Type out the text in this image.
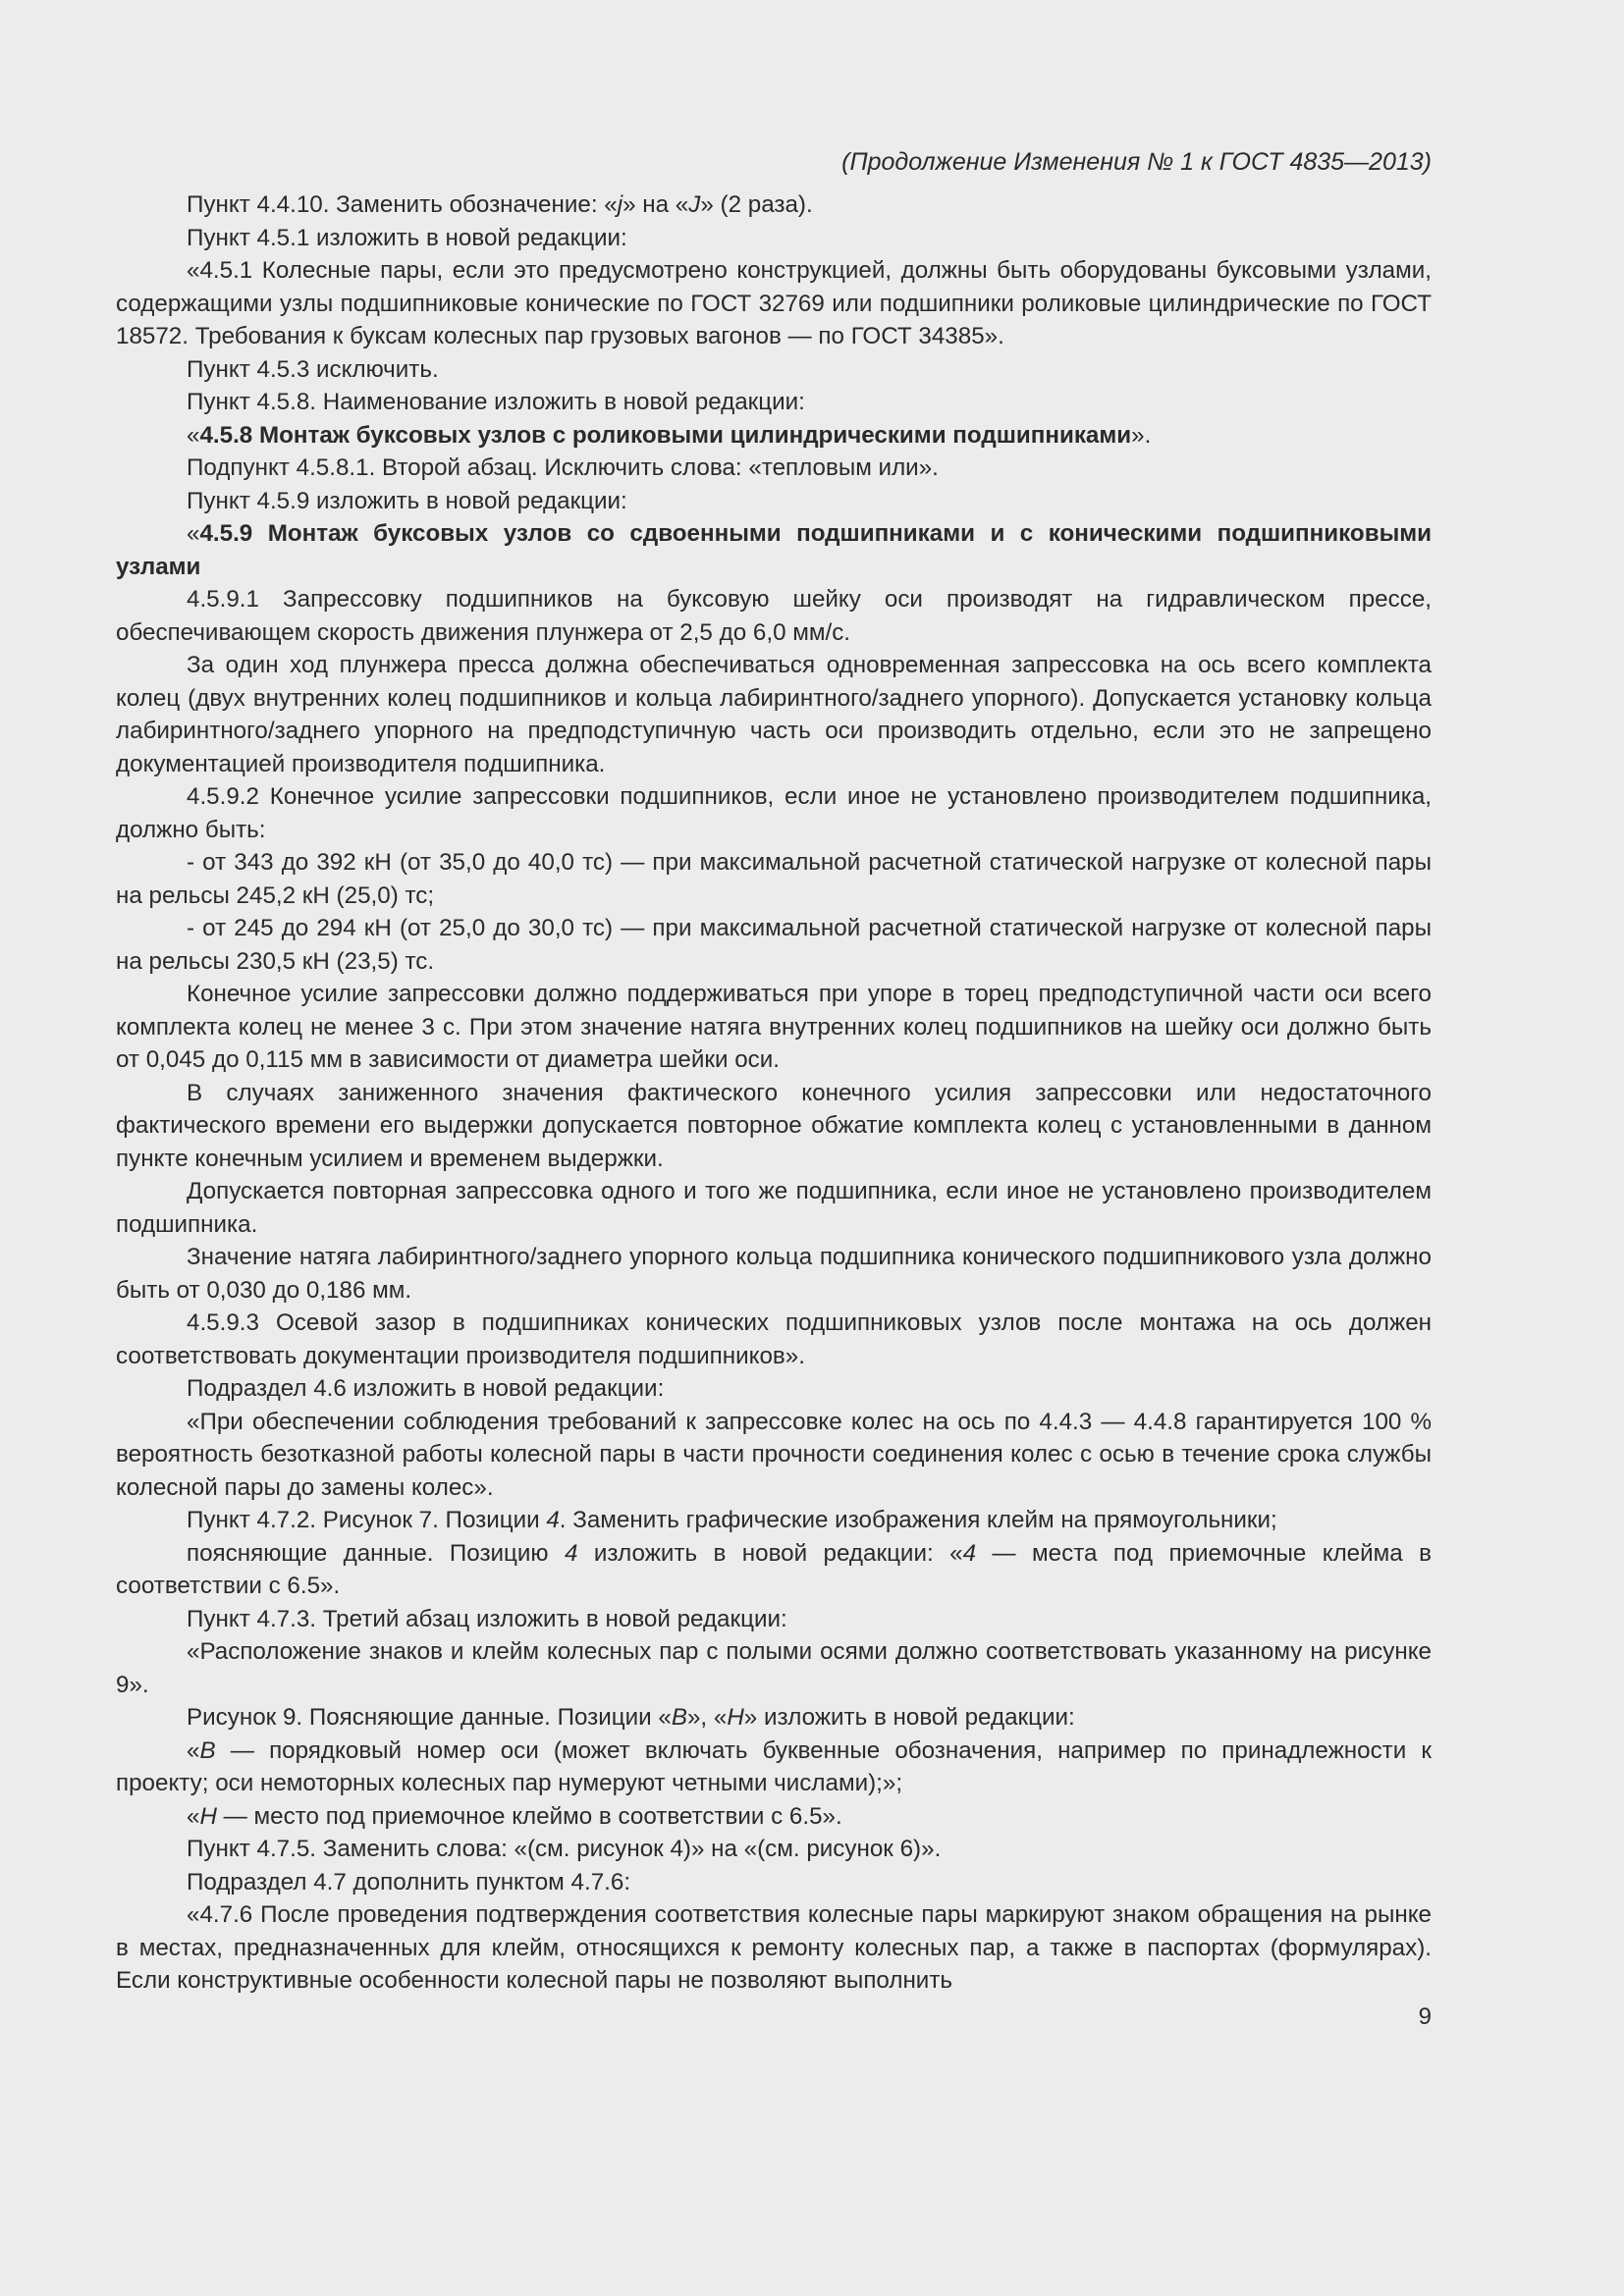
(Продолжение Изменения № 1 к ГОСТ 4835—2013)

Пункт 4.4.10. Заменить обозначение: «j» на «J» (2 раза).

Пункт 4.5.1 изложить в новой редакции:

«4.5.1 Колесные пары, если это предусмотрено конструкцией, должны быть оборудованы буксовыми узлами, содержащими узлы подшипниковые конические по ГОСТ 32769 или подшипники роликовые цилиндрические по ГОСТ 18572. Требования к буксам колесных пар грузовых вагонов — по ГОСТ 34385».

Пункт 4.5.3 исключить.

Пункт 4.5.8. Наименование изложить в новой редакции:

«4.5.8 Монтаж буксовых узлов с роликовыми цилиндрическими подшипниками».

Подпункт 4.5.8.1. Второй абзац. Исключить слова: «тепловым или».

Пункт 4.5.9 изложить в новой редакции:

«4.5.9 Монтаж буксовых узлов со сдвоенными подшипниками и с коническими подшипниковыми узлами

4.5.9.1 Запрессовку подшипников на буксовую шейку оси производят на гидравлическом прессе, обеспечивающем скорость движения плунжера от 2,5 до 6,0 мм/с.

За один ход плунжера пресса должна обеспечиваться одновременная запрессовка на ось всего комплекта колец (двух внутренних колец подшипников и кольца лабиринтного/заднего упорного). Допускается установку кольца лабиринтного/заднего упорного на предподступичную часть оси производить отдельно, если это не запрещено документацией производителя подшипника.

4.5.9.2 Конечное усилие запрессовки подшипников, если иное не установлено производителем подшипника, должно быть:

- от 343 до 392 кН (от 35,0 до 40,0 тс) — при максимальной расчетной статической нагрузке от колесной пары на рельсы 245,2 кН (25,0) тс;

- от 245 до 294 кН (от 25,0 до 30,0 тс) — при максимальной расчетной статической нагрузке от колесной пары на рельсы 230,5 кН (23,5) тс.

Конечное усилие запрессовки должно поддерживаться при упоре в торец предподступичной части оси всего комплекта колец не менее 3 с. При этом значение натяга внутренних колец подшипников на шейку оси должно быть от 0,045 до 0,115 мм в зависимости от диаметра шейки оси.

В случаях заниженного значения фактического конечного усилия запрессовки или недостаточного фактического времени его выдержки допускается повторное обжатие комплекта колец с установленными в данном пункте конечным усилием и временем выдержки.

Допускается повторная запрессовка одного и того же подшипника, если иное не установлено производителем подшипника.

Значение натяга лабиринтного/заднего упорного кольца подшипника конического подшипникового узла должно быть от 0,030 до 0,186 мм.

4.5.9.3 Осевой зазор в подшипниках конических подшипниковых узлов после монтажа на ось должен соответствовать документации производителя подшипников».

Подраздел 4.6 изложить в новой редакции:

«При обеспечении соблюдения требований к запрессовке колес на ось по 4.4.3 — 4.4.8 гарантируется 100 % вероятность безотказной работы колесной пары в части прочности соединения колес с осью в течение срока службы колесной пары до замены колес».

Пункт 4.7.2. Рисунок 7. Позиции 4. Заменить графические изображения клейм на прямоугольники;

поясняющие данные. Позицию 4 изложить в новой редакции: «4 — места под приемочные клейма в соответствии с 6.5».

Пункт 4.7.3. Третий абзац изложить в новой редакции:

«Расположение знаков и клейм колесных пар с полыми осями должно соответствовать указанному на рисунке 9».

Рисунок 9. Поясняющие данные. Позиции «В», «Н» изложить в новой редакции:

«В — порядковый номер оси (может включать буквенные обозначения, например по принадлежности к проекту; оси немоторных колесных пар нумеруют четными числами);»;

«Н — место под приемочное клеймо в соответствии с 6.5».

Пункт 4.7.5. Заменить слова: «(см. рисунок 4)» на «(см. рисунок 6)».

Подраздел 4.7 дополнить пунктом 4.7.6:

«4.7.6 После проведения подтверждения соответствия колесные пары маркируют знаком обращения на рынке в местах, предназначенных для клейм, относящихся к ремонту колесных пар, а также в паспортах (формулярах). Если конструктивные особенности колесной пары не позволяют выполнить

9
